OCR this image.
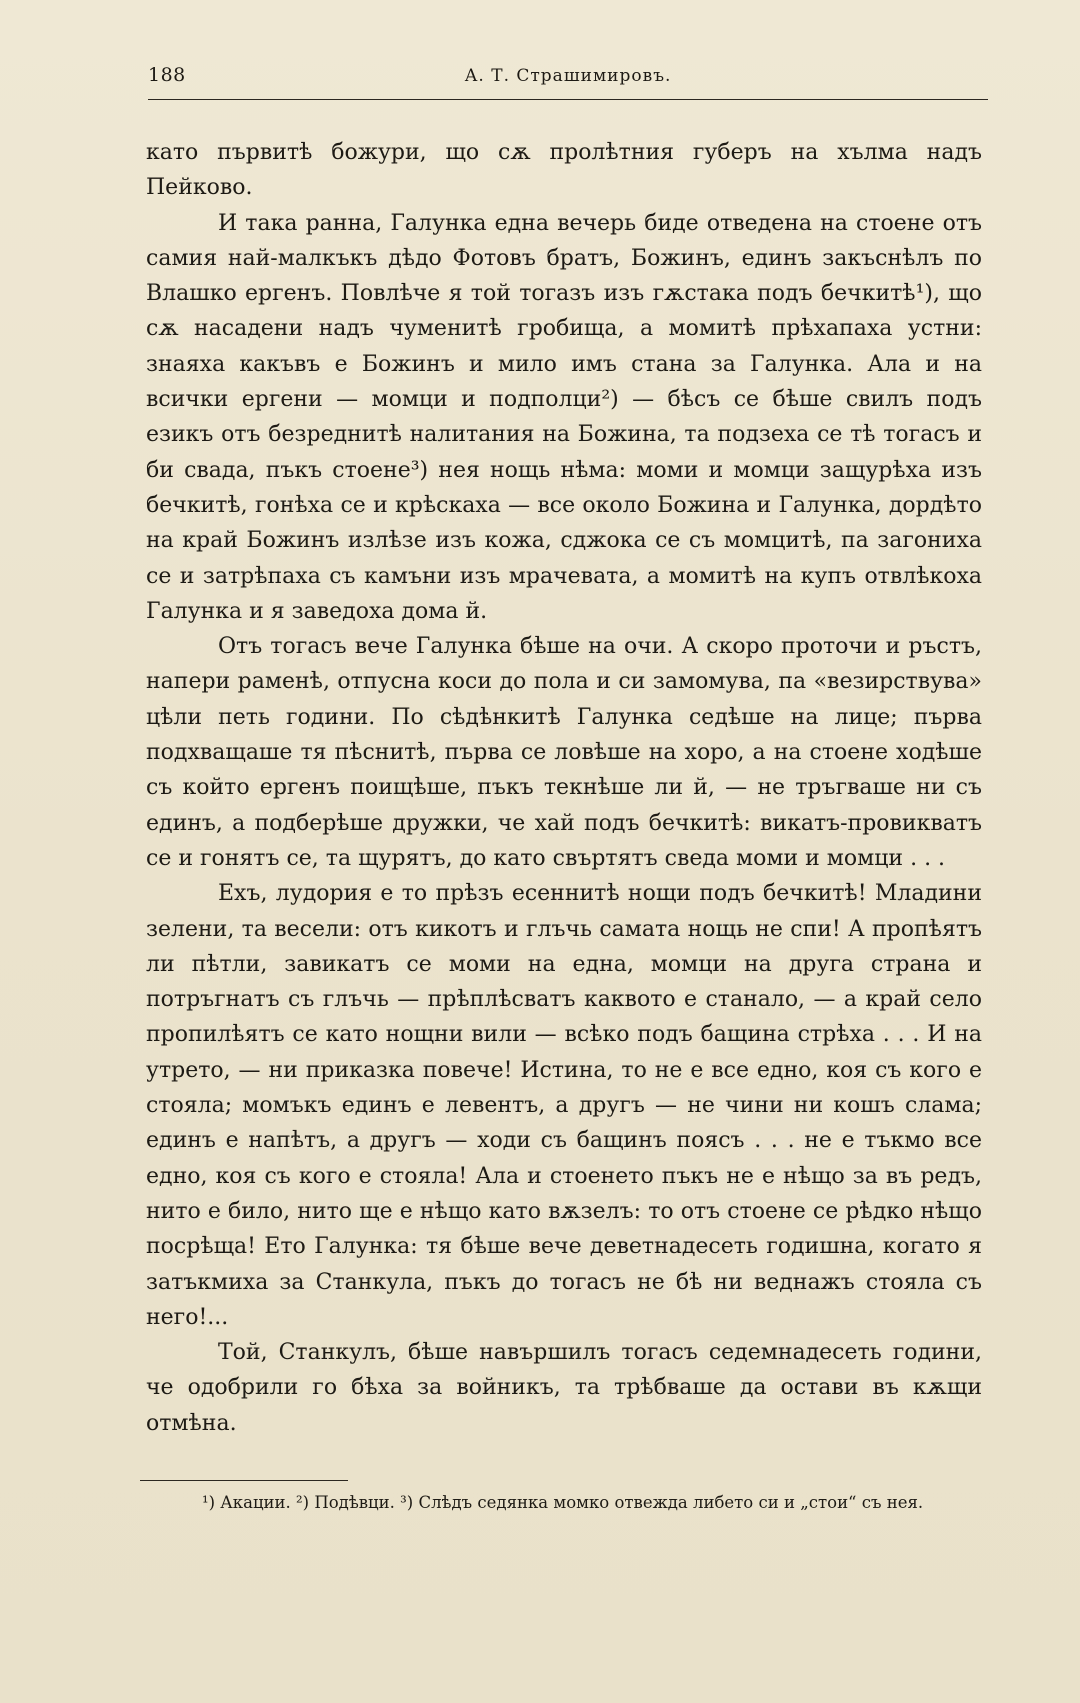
188	А. Т. Страшимировъ.

като първитѣ божури, що сѫ пролѣтния губеръ на хълма надъ Пейково.

И така ранна, Галунка една вечерь биде отведена на стоене отъ самия най-малкъкъ дѣдо Фотовъ братъ, Божинъ, единъ закъснѣлъ по Влашко ергенъ. Повлѣче я той тогазъ изъ гѫстака подъ бечкитѣ¹), що сѫ насадени надъ чуменитѣ гробища, а момитѣ прѣхапаха устни: знаяха какъвъ е Божинъ и мило имъ стана за Галунка. Ала и на всички ергени — момци и подполци²) — бѣсъ се бѣше свилъ подъ езикъ отъ безреднитѣ налитания на Божина, та подзеха се тѣ тогасъ и би свада, пъкъ стоене³) нея нощь нѣма: моми и момци защурѣха изъ бечкитѣ, гонѣха се и крѣскаха — все около Божина и Галунка, дордѣто на край Божинъ излѣзе изъ кожа, сджока се съ момцитѣ, па загониха се и затрѣпаха съ камъни изъ мрачевата, а момитѣ на купъ отвлѣкоха Галунка и я заведоха дома й.

Отъ тогасъ вече Галунка бѣше на очи. А скоро проточи и ръстъ, напери раменѣ, отпусна коси до пола и си замомува, па «везирствува» цѣли петь години. По сѣдѣнкитѣ Галунка седѣше на лице; първа подхващаше тя пѣснитѣ, първа се ловѣше на хоро, а на стоене ходѣше съ който ергенъ поищѣше, пъкъ текнѣше ли й, — не тръгваше ни съ единъ, а подберѣше дружки, че хай подъ бечкитѣ: викатъ-провикватъ се и гонятъ се, та щурятъ, до като свъртятъ сведа моми и момци . . .

Ехъ, лудория е то прѣзъ есеннитѣ нощи подъ бечкитѣ! Младини зелени, та весели: отъ кикотъ и глъчь самата нощь не спи! А пропѣятъ ли пѣтли, завикатъ се моми на една, момци на друга страна и потръгнатъ съ глъчь — прѣплѣсватъ каквото е станало, — а край село пропилѣятъ се като нощни вили — всѣко подъ бащина стрѣха . . . И на утрето, — ни приказка повече! Истина, то не е все едно, коя съ кого е стояла; момъкъ единъ е левентъ, а другъ — не чини ни кошъ слама; единъ е напѣтъ, а другъ — ходи съ бащинъ поясъ . . . не е тъкмо все едно, коя съ кого е стояла! Ала и стоенето пъкъ не е нѣщо за въ редъ, нито е било, нито ще е нѣщо като вѫзелъ: то отъ стоене се рѣдко нѣщо посрѣща! Ето Галунка: тя бѣше вече деветнадесеть годишна, когато я затъкмиха за Станкула, пъкъ до тогасъ не бѣ ни веднажъ стояла съ него!...

Той, Станкулъ, бѣше навършилъ тогасъ седемнадесеть години, че одобрили го бѣха за войникъ, та трѣбваше да остави въ кѫщи отмѣна.

¹) Акации. ²) Подѣвци. ³) Слѣдъ седянка момко отвежда либето си и „стои“ съ нея.
